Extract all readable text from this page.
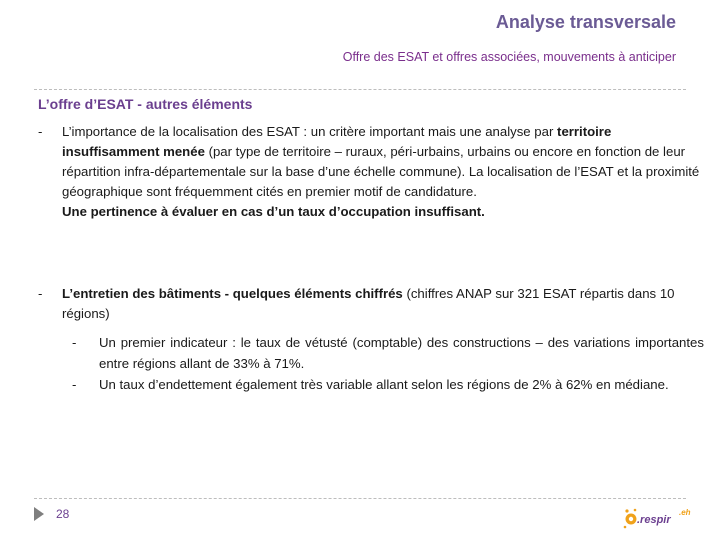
Analyse transversale
Offre des ESAT et offres associées, mouvements à anticiper
L’offre d’ESAT - autres éléments
- L’importance de la localisation des ESAT : un critère important mais une analyse par territoire insuffisamment menée (par type de territoire – ruraux, péri-urbains, urbains ou encore en fonction de leur répartition infra-départementale sur la base d’une échelle commune). La localisation de l’ESAT et la proximité géographique sont fréquemment cités en premier motif de candidature.
Une pertinence à évaluer en cas d’un taux d’occupation insuffisant.
- L’entretien des bâtiments - quelques éléments chiffrés (chiffres ANAP sur 321 ESAT répartis dans 10 régions)
- Un premier indicateur : le taux de vétusté (comptable) des constructions – des variations importantes entre régions allant de 33% à 71%.
- Un taux d’endettement également très variable allant selon les régions de 2% à 62% en médiane.
28	.respir
.eh
